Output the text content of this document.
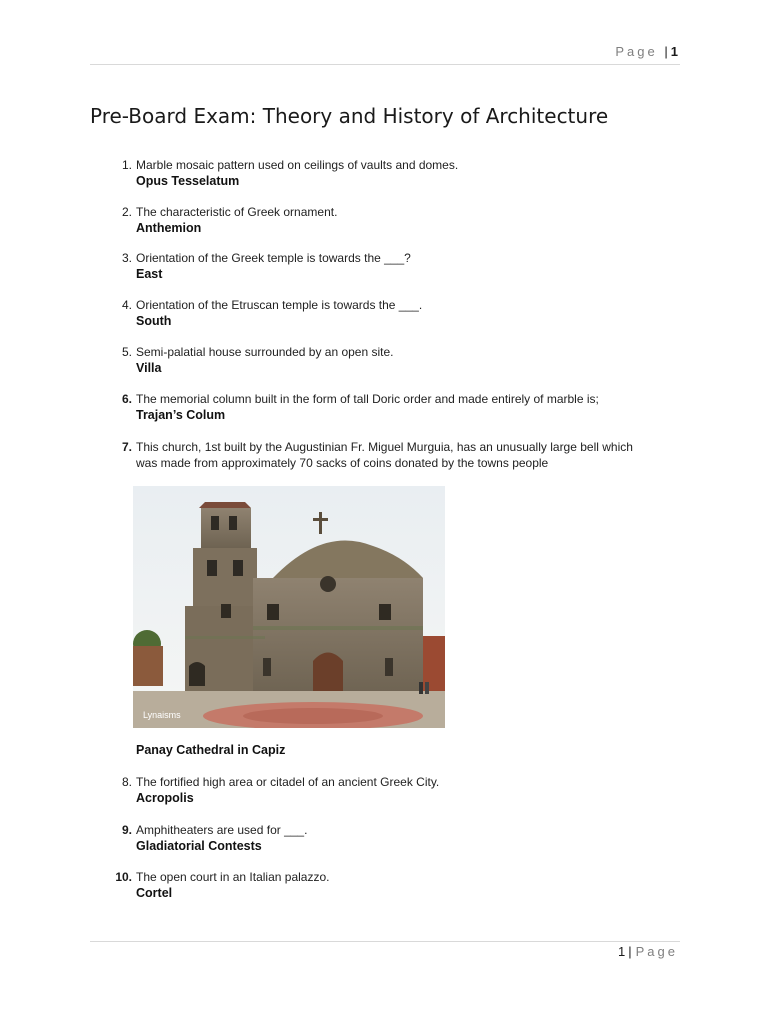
Page | 1
Pre-Board Exam: Theory and History of Architecture
1. Marble mosaic pattern used on ceilings of vaults and domes.
Opus Tesselatum
2. The characteristic of Greek ornament.
Anthemion
3. Orientation of the Greek temple is towards the ___?
East
4. Orientation of the Etruscan temple is towards the ___.
South
5. Semi-palatial house surrounded by an open site.
Villa
6. The memorial column built in the form of tall Doric order and made entirely of marble is;
Trajan’s Colum
7. This church, 1st built by the Augustinian Fr. Miguel Murguia, has an unusually large bell which was made from approximately 70 sacks of coins donated by the towns people
Lynaisms
Panay Cathedral in Capiz
8. The fortified high area or citadel of an ancient Greek City.
Acropolis
9. Amphitheaters are used for ___.
Gladiatorial Contests
10. The open court in an Italian palazzo.
Cortel
1 | Page
